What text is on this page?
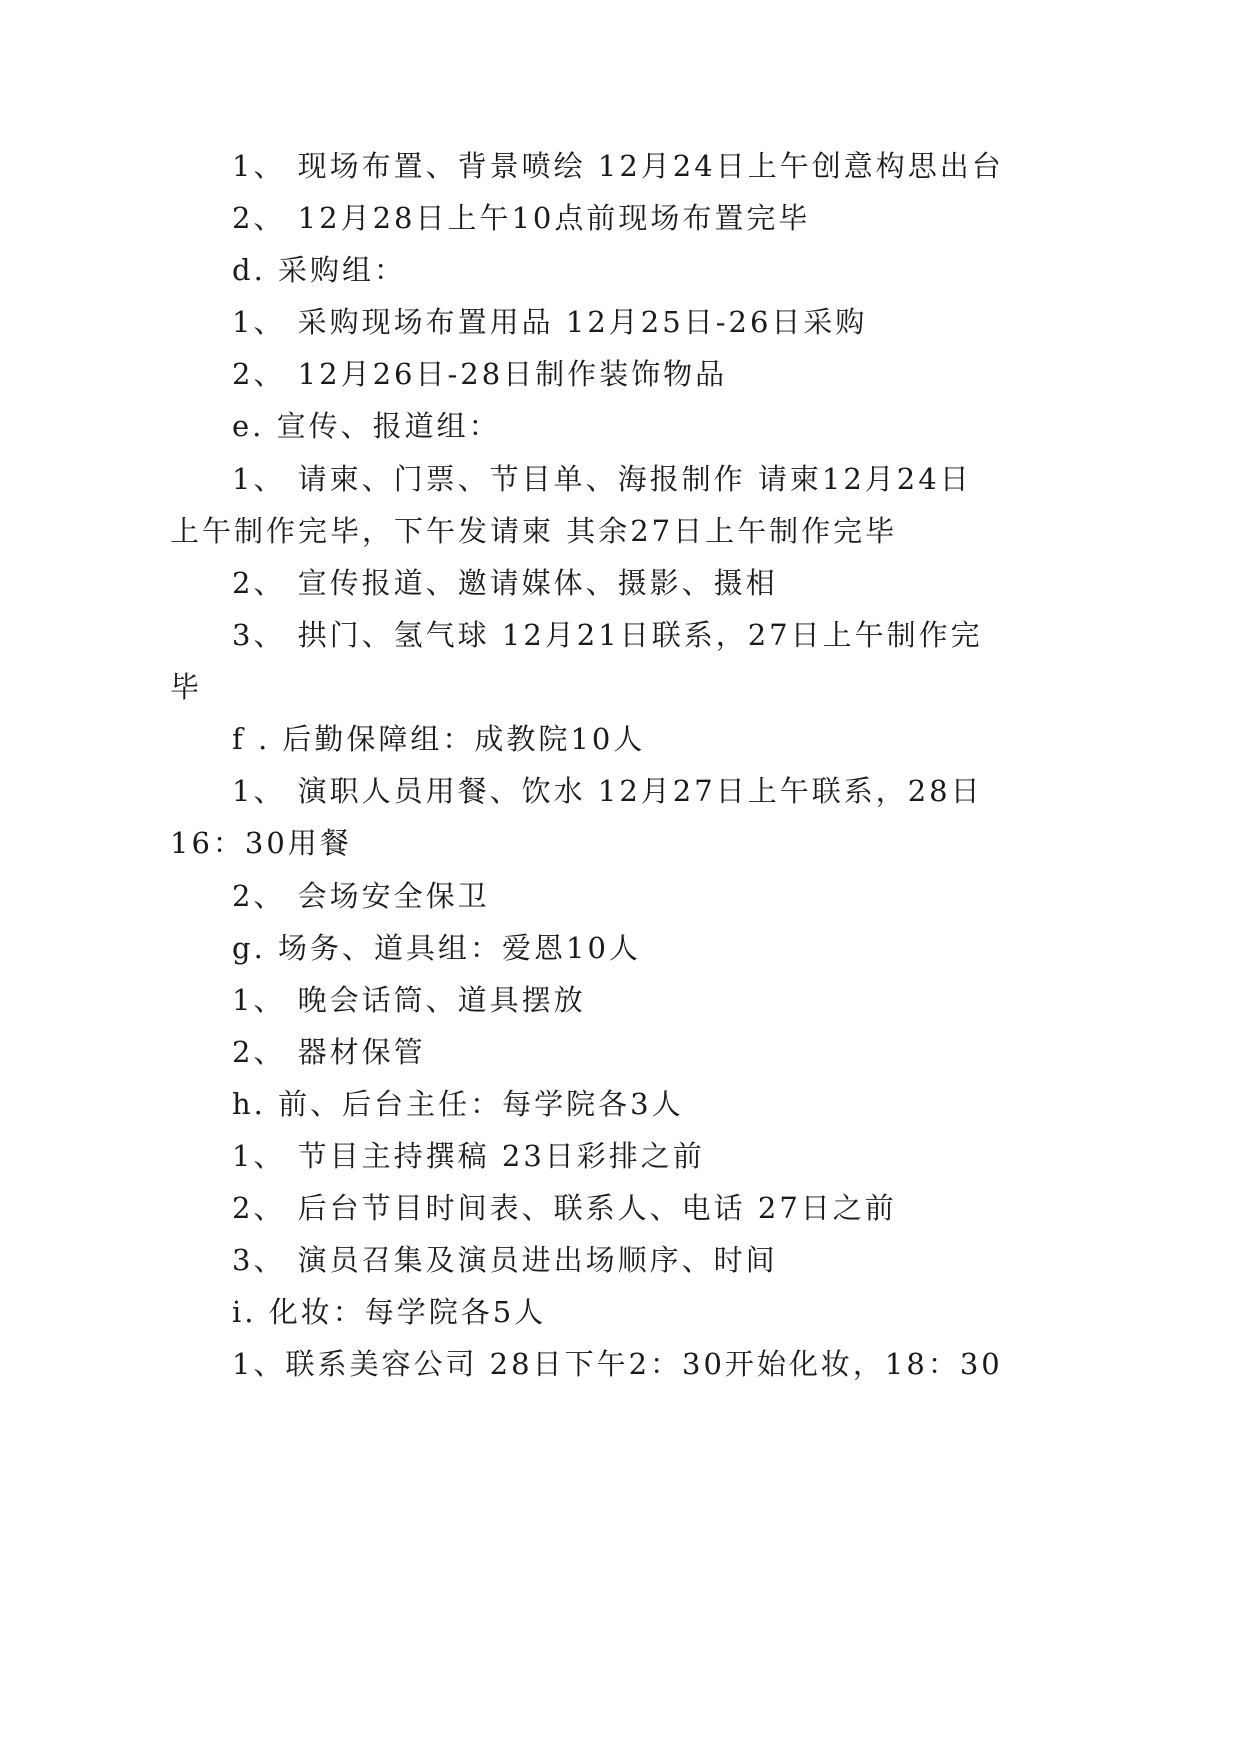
1、 现场布置、背景喷绘 12月24日上午创意构思出台
2、 12月28日上午10点前现场布置完毕
d. 采购组：
1、 采购现场布置用品 12月25日-26日采购
2、 12月26日-28日制作装饰物品
e. 宣传、报道组：
1、 请柬、门票、节目单、海报制作 请柬12月24日
上午制作完毕，下午发请柬 其余27日上午制作完毕
2、 宣传报道、邀请媒体、摄影、摄相
3、 拱门、氢气球 12月21日联系，27日上午制作完
毕
f . 后勤保障组：成教院10人
1、 演职人员用餐、饮水 12月27日上午联系，28日
16：30用餐
2、 会场安全保卫
g. 场务、道具组：爱恩10人
1、 晚会话筒、道具摆放
2、 器材保管
h. 前、后台主任：每学院各3人
1、 节目主持撰稿 23日彩排之前
2、 后台节目时间表、联系人、电话 27日之前
3、 演员召集及演员进出场顺序、时间
i. 化妆：每学院各5人
1、联系美容公司 28日下午2：30开始化妆，18：30
